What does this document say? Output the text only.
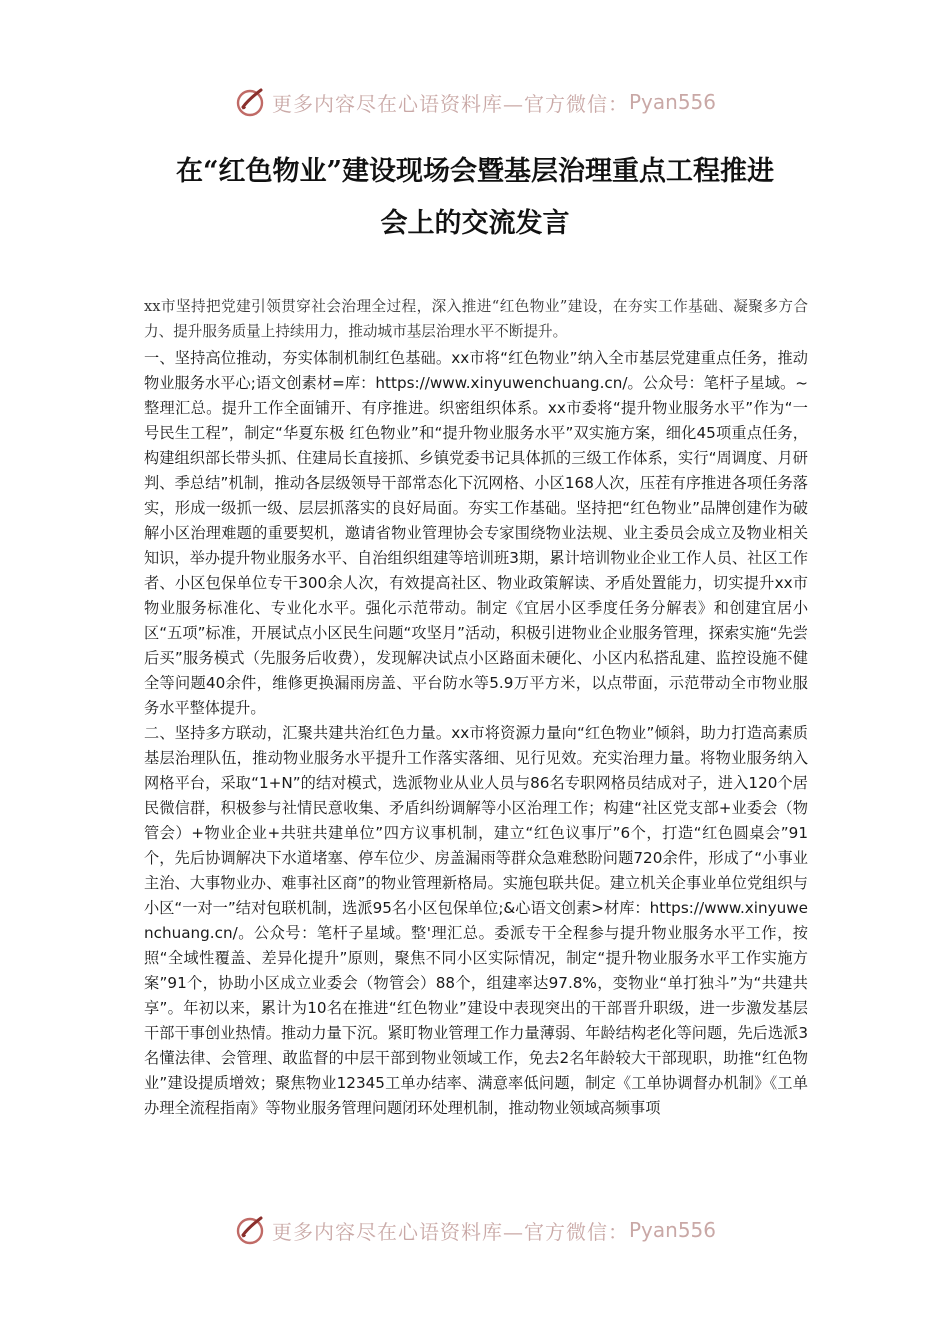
更多内容尽在心语资料库—官方微信： Pyan556
在“红色物业”建设现场会暨基层治理重点工程推进
会上的交流发言

xx市坚持把党建引领贯穿社会治理全过程，深入推进“红色物业”建设，在夯实工作基础、凝聚多方合力、提升服务质量上持续用力，推动城市基层治理水平不断提升。

一、坚持高位推动，夯实体制机制红色基础。xx市将“红色物业”纳入全市基层党建重点任务，推动物业服务水平心;语文创素材=库：https://www.xinyuwenchuang.cn/。公众号：笔杆子星域。~整理汇总。提升工作全面铺开、有序推进。织密组织体系。xx市委将“提升物业服务水平”作为“一号民生工程”，制定“华夏东极 红色物业”和“提升物业服务水平”双实施方案，细化45项重点任务，构建组织部长带头抓、住建局长直接抓、乡镇党委书记具体抓的三级工作体系，实行“周调度、月研判、季总结”机制，推动各层级领导干部常态化下沉网格、小区168人次，压茬有序推进各项任务落实，形成一级抓一级、层层抓落实的良好局面。夯实工作基础。坚持把“红色物业”品牌创建作为破解小区治理难题的重要契机，邀请省物业管理协会专家围绕物业法规、业主委员会成立及物业相关知识，举办提升物业服务水平、自治组织组建等培训班3期，累计培训物业企业工作人员、社区工作者、小区包保单位专干300余人次，有效提高社区、物业政策解读、矛盾处置能力，切实提升xx市物业服务标准化、专业化水平。强化示范带动。制定《宜居小区季度任务分解表》和创建宜居小区“五项”标准，开展试点小区民生问题“攻坚月”活动，积极引进物业企业服务管理，探索实施“先尝后买”服务模式（先服务后收费），发现解决试点小区路面未硬化、小区内私搭乱建、监控设施不健全等问题40余件，维修更换漏雨房盖、平台防水等5.9万平方米，以点带面，示范带动全市物业服务水平整体提升。

二、坚持多方联动，汇聚共建共治红色力量。xx市将资源力量向“红色物业”倾斜，助力打造高素质基层治理队伍，推动物业服务水平提升工作落实落细、见行见效。充实治理力量。将物业服务纳入网格平台，采取“1+N”的结对模式，选派物业从业人员与86名专职网格员结成对子，进入120个居民微信群，积极参与社情民意收集、矛盾纠纷调解等小区治理工作；构建“社区党支部+业委会（物管会）+物业企业+共驻共建单位”四方议事机制，建立“红色议事厅”6个，打造“红色圆桌会”91个，先后协调解决下水道堵塞、停车位少、房盖漏雨等群众急难愁盼问题720余件，形成了“小事业主治、大事物业办、难事社区商”的物业管理新格局。实施包联共促。建立机关企事业单位党组织与小区“一对一”结对包联机制，选派95名小区包保单位;&心语文创素>材库：https://www.xinyuwenchuang.cn/。公众号：笔杆子星域。整'理汇总。委派专干全程参与提升物业服务水平工作，按照“全域性覆盖、差异化提升”原则，聚焦不同小区实际情况，制定“提升物业服务水平工作实施方案”91个，协助小区成立业委会（物管会）88个，组建率达97.8%，变物业“单打独斗”为“共建共享”。年初以来，累计为10名在推进“红色物业”建设中表现突出的干部晋升职级，进一步激发基层干部干事创业热情。推动力量下沉。紧盯物业管理工作力量薄弱、年龄结构老化等问题，先后选派3名懂法律、会管理、敢监督的中层干部到物业领域工作，免去2名年龄较大干部现职，助推“红色物业”建设提质增效；聚焦物业12345工单办结率、满意率低问题，制定《工单协调督办机制》《工单办理全流程指南》等物业服务管理问题闭环处理机制，推动物业领域高频事项

更多内容尽在心语资料库—官方微信： Pyan556
